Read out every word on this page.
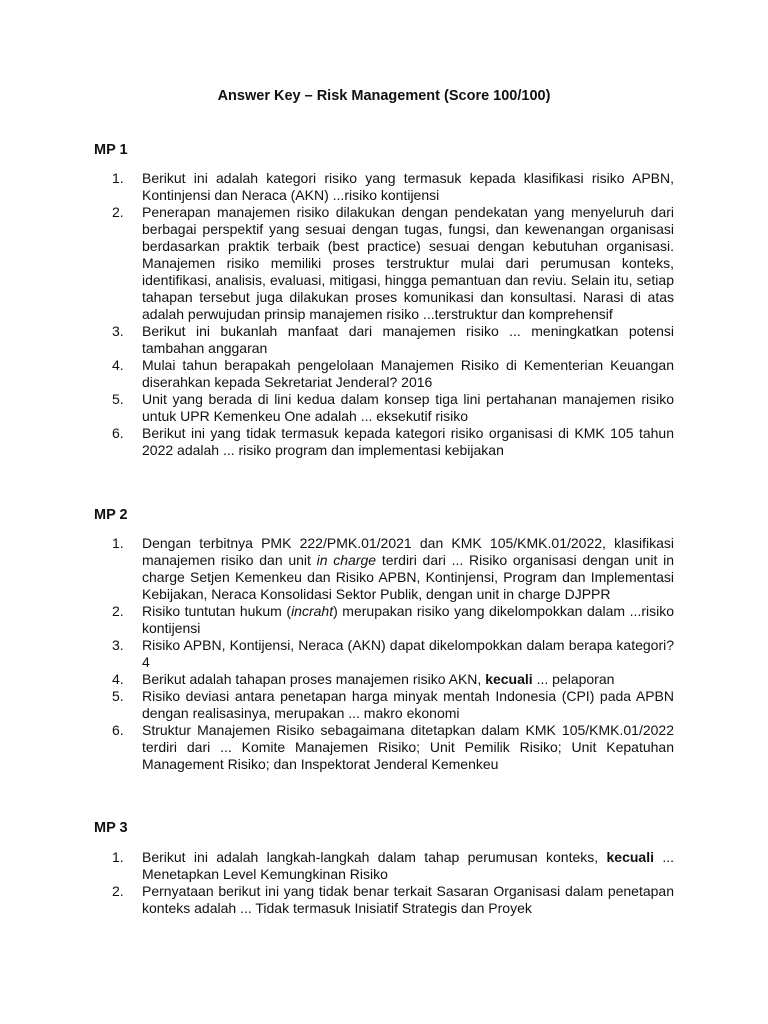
Answer Key – Risk Management (Score 100/100)
MP 1
1. Berikut ini adalah kategori risiko yang termasuk kepada klasifikasi risiko APBN, Kontinjensi dan Neraca (AKN) ...risiko kontijensi
2. Penerapan manajemen risiko dilakukan dengan pendekatan yang menyeluruh dari berbagai perspektif yang sesuai dengan tugas, fungsi, dan kewenangan organisasi berdasarkan praktik terbaik (best practice) sesuai dengan kebutuhan organisasi. Manajemen risiko memiliki proses terstruktur mulai dari perumusan konteks, identifikasi, analisis, evaluasi, mitigasi, hingga pemantuan dan reviu. Selain itu, setiap tahapan tersebut juga dilakukan proses komunikasi dan konsultasi. Narasi di atas adalah perwujudan prinsip manajemen risiko ...terstruktur dan komprehensif
3. Berikut ini bukanlah manfaat dari manajemen risiko ... meningkatkan potensi tambahan anggaran
4. Mulai tahun berapakah pengelolaan Manajemen Risiko di Kementerian Keuangan diserahkan kepada Sekretariat Jenderal? 2016
5. Unit yang berada di lini kedua dalam konsep tiga lini pertahanan manajemen risiko untuk UPR Kemenkeu One adalah ... eksekutif risiko
6. Berikut ini yang tidak termasuk kepada kategori risiko organisasi di KMK 105 tahun 2022 adalah ... risiko program dan implementasi kebijakan
MP 2
1. Dengan terbitnya PMK 222/PMK.01/2021 dan KMK 105/KMK.01/2022, klasifikasi manajemen risiko dan unit in charge terdiri dari ... Risiko organisasi dengan unit in charge Setjen Kemenkeu dan Risiko APBN, Kontinjensi, Program dan Implementasi Kebijakan, Neraca Konsolidasi Sektor Publik, dengan unit in charge DJPPR
2. Risiko tuntutan hukum (incraht) merupakan risiko yang dikelompokkan dalam ...risiko kontijensi
3. Risiko APBN, Kontijensi, Neraca (AKN) dapat dikelompokkan dalam berapa kategori? 4
4. Berikut adalah tahapan proses manajemen risiko AKN, kecuali ... pelaporan
5. Risiko deviasi antara penetapan harga minyak mentah Indonesia (CPI) pada APBN dengan realisasinya, merupakan ... makro ekonomi
6. Struktur Manajemen Risiko sebagaimana ditetapkan dalam KMK 105/KMK.01/2022 terdiri dari ... Komite Manajemen Risiko; Unit Pemilik Risiko; Unit Kepatuhan Management Risiko; dan Inspektorat Jenderal Kemenkeu
MP 3
1. Berikut ini adalah langkah-langkah dalam tahap perumusan konteks, kecuali ... Menetapkan Level Kemungkinan Risiko
2. Pernyataan berikut ini yang tidak benar terkait Sasaran Organisasi dalam penetapan konteks adalah ... Tidak termasuk Inisiatif Strategis dan Proyek
